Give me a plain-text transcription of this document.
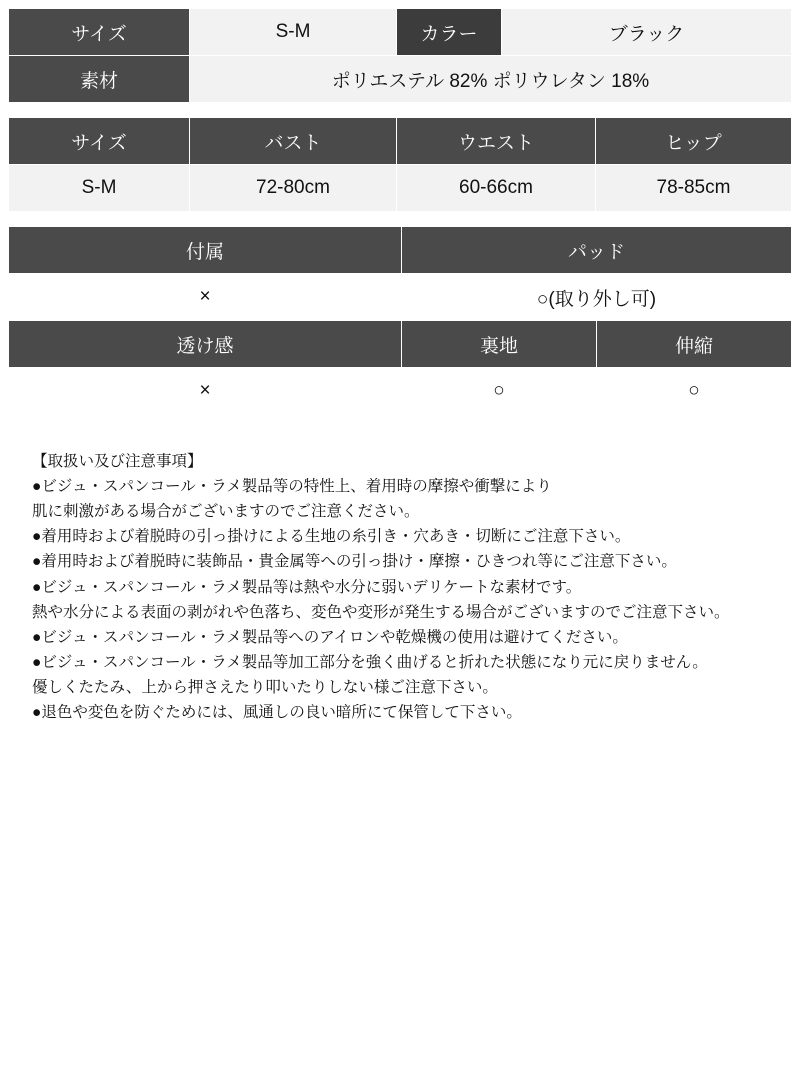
サイズ	S‐M	カラー	ブラック
素材	ポリエステル 82% ポリウレタン 18%		
サイズ	バスト	ウエスト	ヒップ
S‐M	72-80cm	60-66cm	78-85cm
付属	パッド	
×	○(取り外し可)	
透け感	裏地	伸縮
×	○	○

【取扱い及び注意事項】

●ビジュ・スパンコール・ラメ製品等の特性上、着用時の摩擦や衝撃により

肌に刺激がある場合がございますのでご注意ください。

●着用時および着脱時の引っ掛けによる生地の糸引き・穴あき・切断にご注意下さい。

●着用時および着脱時に装飾品・貴金属等への引っ掛け・摩擦・ひきつれ等にご注意下さい。

●ビジュ・スパンコール・ラメ製品等は熱や水分に弱いデリケートな素材です。

熱や水分による表面の剥がれや色落ち、変色や変形が発生する場合がございますのでご注意下さい。

●ビジュ・スパンコール・ラメ製品等へのアイロンや乾燥機の使用は避けてください。

●ビジュ・スパンコール・ラメ製品等加工部分を強く曲げると折れた状態になり元に戻りません。

優しくたたみ、上から押さえたり叩いたりしない様ご注意下さい。

●退色や変色を防ぐためには、風通しの良い暗所にて保管して下さい。
